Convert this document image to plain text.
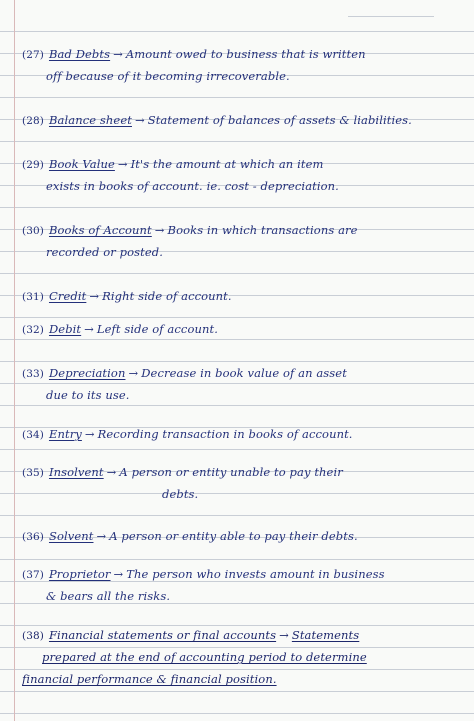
(27) Bad Debts → Amount owed to business that is written
off because of it becoming irrecoverable.
(28) Balance sheet → Statement of balances of assets & liabilities.
(29) Book Value → It's the amount at which an item
exists in books of account. ie. cost - depreciation.
(30) Books of Account → Books in which transactions are
recorded or posted.
(31) Credit → Right side of account.
(32) Debit → Left side of account.
(33) Depreciation → Decrease in book value of an asset
due to its use.
(34) Entry → Recording transaction in books of account.
(35) Insolvent → A person or entity unable to pay their
debts.
(36) Solvent → A person or entity able to pay their debts.
(37) Proprietor → The person who invests amount in business
& bears all the risks.
(38) Financial statements or final accounts → Statements
prepared at the end of accounting period to determine
financial performance & financial position.
